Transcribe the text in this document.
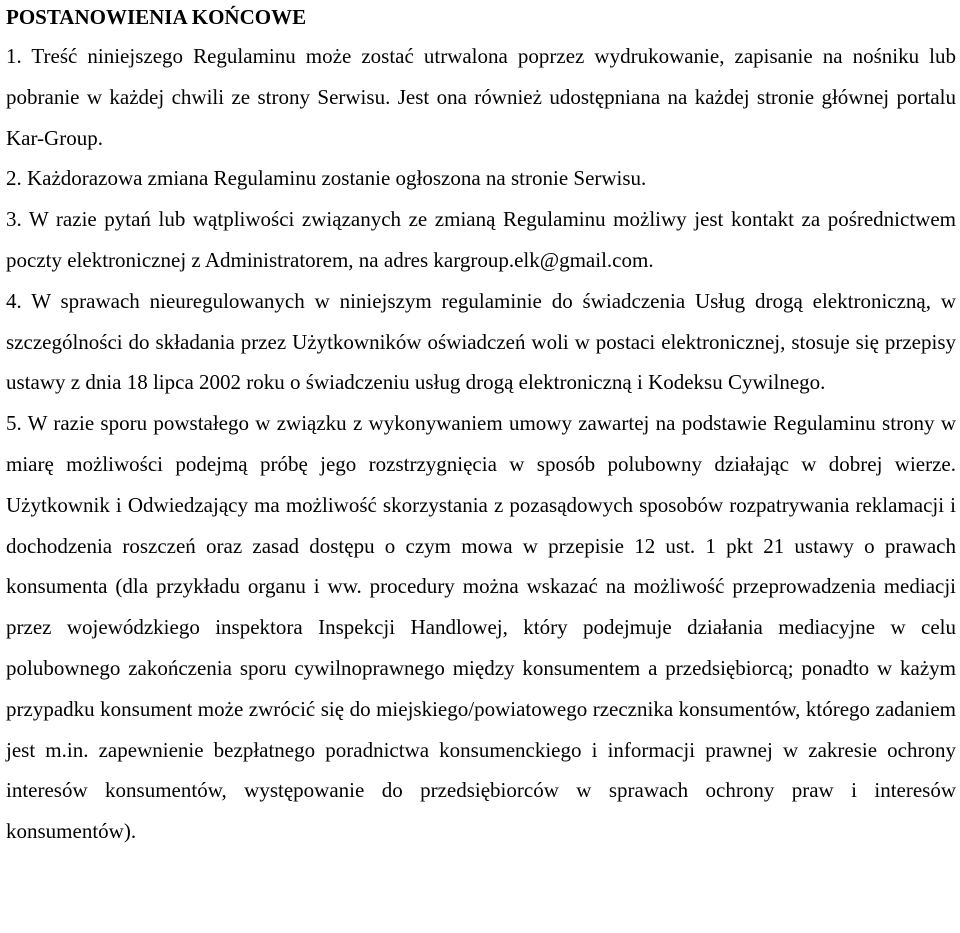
POSTANOWIENIA KOŃCOWE

1. Treść niniejszego Regulaminu może zostać utrwalona poprzez wydrukowanie, zapisanie na nośniku lub pobranie w każdej chwili ze strony Serwisu. Jest ona również udostępniana na każdej stronie głównej portalu Kar-Group.

2. Każdorazowa zmiana Regulaminu zostanie ogłoszona na stronie Serwisu.

3. W razie pytań lub wątpliwości związanych ze zmianą Regulaminu możliwy jest kontakt za pośrednictwem poczty elektronicznej z Administratorem, na adres kargroup.elk@gmail.com.

4. W sprawach nieuregulowanych w niniejszym regulaminie do świadczenia Usług drogą elektroniczną, w szczególności do składania przez Użytkowników oświadczeń woli w postaci elektronicznej, stosuje się przepisy ustawy z dnia 18 lipca 2002 roku o świadczeniu usług drogą elektroniczną i Kodeksu Cywilnego.

5. W razie sporu powstałego w związku z wykonywaniem umowy zawartej na podstawie Regulaminu strony w miarę możliwości podejmą próbę jego rozstrzygnięcia w sposób polubowny działając w dobrej wierze. Użytkownik i Odwiedzający ma możliwość skorzystania z pozasądowych sposobów rozpatrywania reklamacji i dochodzenia roszczeń oraz zasad dostępu o czym mowa w przepisie 12 ust. 1 pkt 21 ustawy o prawach konsumenta (dla przykładu organu i ww. procedury można wskazać na możliwość przeprowadzenia mediacji przez wojewódzkiego inspektora Inspekcji Handlowej, który podejmuje działania mediacyjne w celu polubownego zakończenia sporu cywilnoprawnego między konsumentem a przedsiębiorcą; ponadto w każym przypadku konsument może zwrócić się do miejskiego/powiatowego rzecznika konsumentów, którego zadaniem jest m.in. zapewnienie bezpłatnego poradnictwa konsumenckiego i informacji prawnej w zakresie ochrony interesów konsumentów, występowanie do przedsiębiorców w sprawach ochrony praw i interesów konsumentów).
